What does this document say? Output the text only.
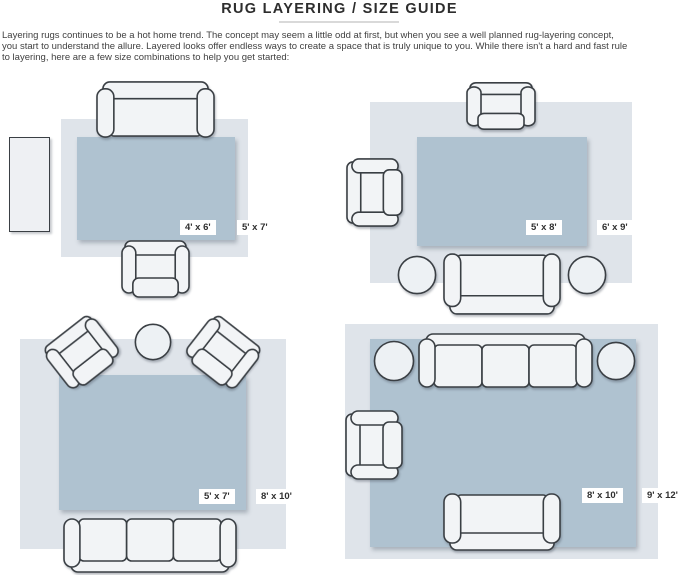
RUG LAYERING / SIZE GUIDE
Layering rugs continues to be a hot home trend. The concept may seem a little odd at first, but when you see a well planned rug-layering concept,
you start to understand the allure. Layered looks offer endless ways to create a space that is truly unique to you. While there isn't a hard and fast rule
to layering, here are a few size combinations to help you get started:
4' x 6'	5' x 7'	5' x 8'	6' x 9'
5' x 7'	8' x 10'	8' x 10'	9' x 12'
